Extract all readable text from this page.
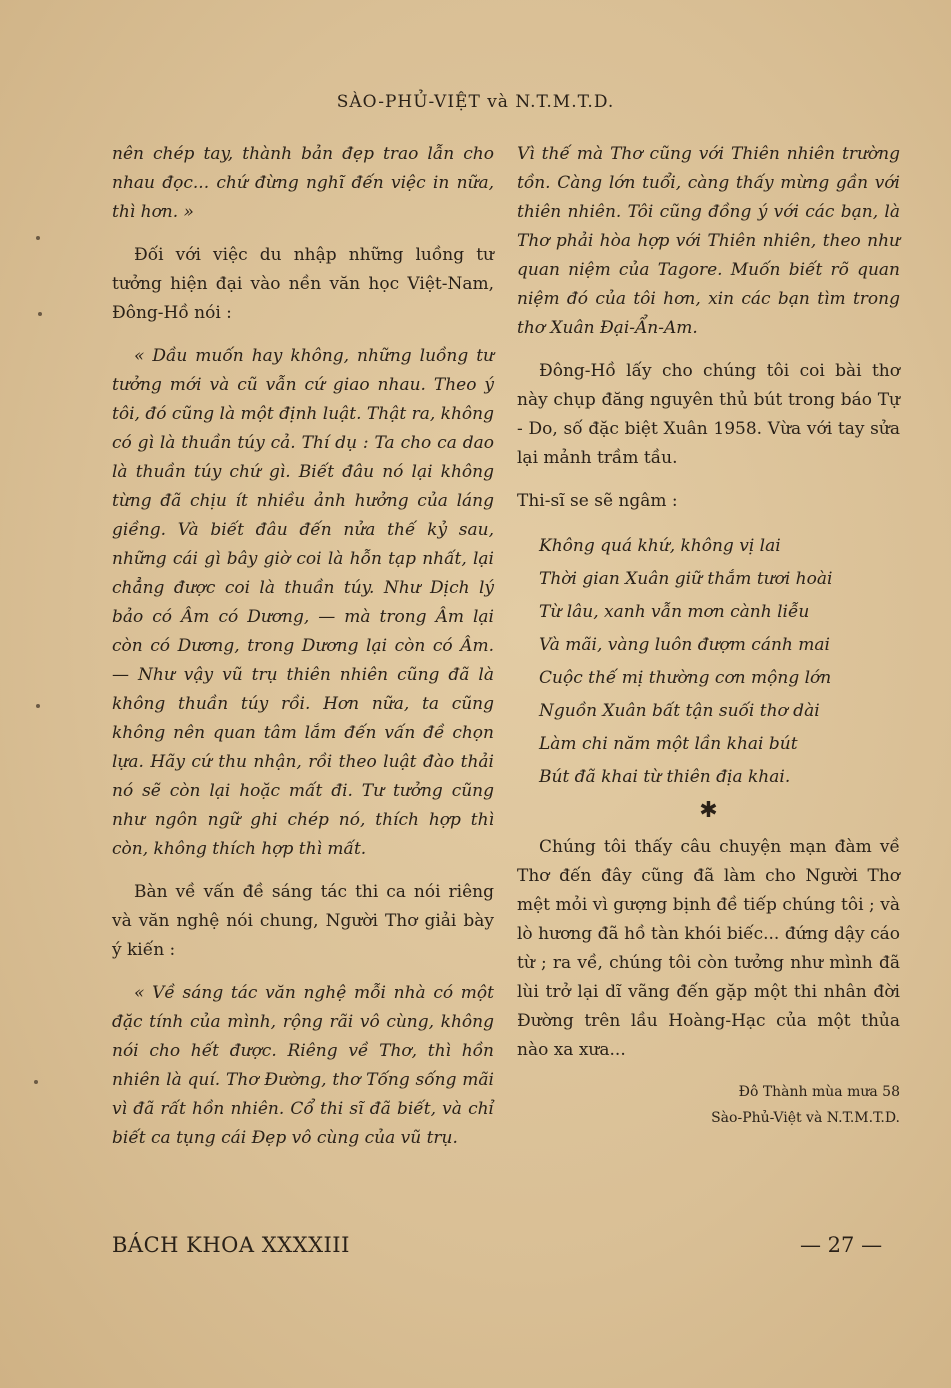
SÀO-PHỦ-VIỆT và N.T.M.T.D.

nên chép tay, thành bản đẹp trao lẫn cho nhau đọc... chứ đừng nghĩ đến việc in nữa, thì hơn. »

Đối với việc du nhập những luồng tư tưởng hiện đại vào nền văn học Việt-Nam, Đông-Hồ nói :

« Dầu muốn hay không, những luồng tư tưởng mới và cũ vẫn cứ giao nhau. Theo ý tôi, đó cũng là một định luật. Thật ra, không có gì là thuần túy cả. Thí dụ : Ta cho ca dao là thuần túy chứ gì. Biết đâu nó lại không từng đã chịu ít nhiều ảnh hưởng của láng giềng. Và biết đâu đến nửa thế kỷ sau, những cái gì bây giờ coi là hỗn tạp nhất, lại chẳng được coi là thuần túy. Như Dịch lý bảo có Âm có Dương, — mà trong Âm lại còn có Dương, trong Dương lại còn có Âm. — Như vậy vũ trụ thiên nhiên cũng đã là không thuần túy rồi. Hơn nữa, ta cũng không nên quan tâm lắm đến vấn đề chọn lựa. Hãy cứ thu nhận, rồi theo luật đào thải nó sẽ còn lại hoặc mất đi. Tư tưởng cũng như ngôn ngữ ghi chép nó, thích hợp thì còn, không thích hợp thì mất.

Bàn về vấn đề sáng tác thi ca nói riêng và văn nghệ nói chung, Người Thơ giải bày ý kiến :

« Về sáng tác văn nghệ mỗi nhà có một đặc tính của mình, rộng rãi vô cùng, không nói cho hết được. Riêng về Thơ, thì hồn nhiên là quí. Thơ Đường, thơ Tống sống mãi vì đã rất hồn nhiên. Cổ thi sĩ đã biết, và chỉ biết ca tụng cái Đẹp vô cùng của vũ trụ.

Vì thế mà Thơ cũng với Thiên nhiên trường tồn. Càng lớn tuổi, càng thấy mừng gần với thiên nhiên. Tôi cũng đồng ý với các bạn, là Thơ phải hòa hợp với Thiên nhiên, theo như quan niệm của Tagore. Muốn biết rõ quan niệm đó của tôi hơn, xin các bạn tìm trong thơ Xuân Đại-Ẩn-Am.

Đông-Hồ lấy cho chúng tôi coi bài thơ này chụp đăng nguyên thủ bút trong báo Tự - Do, số đặc biệt Xuân 1958. Vừa với tay sửa lại mảnh trầm tầu.

Thi-sĩ se sẽ ngâm :

Không quá khứ, không vị lai
Thời gian Xuân giữ thắm tươi hoài
Từ lâu, xanh vẫn mơn cành liễu
Và mãi, vàng luôn đượm cánh mai
Cuộc thế mị thường cơn mộng lớn
Nguồn Xuân bất tận suối thơ dài
Làm chi năm một lần khai bút
Bút đã khai từ thiên địa khai.
✱

Chúng tôi thấy câu chuyện mạn đàm về Thơ đến đây cũng đã làm cho Người Thơ mệt mỏi vì gượng bịnh đề tiếp chúng tôi ; và lò hương đã hồ tàn khói biếc... đứng dậy cáo từ ; ra về, chúng tôi còn tưởng như mình đã lùi trở lại dĩ vãng đến gặp một thi nhân đời Đường trên lầu Hoàng-Hạc của một thủa nào xa xưa...

Đô Thành mùa mưa 58
Sào-Phủ-Việt và N.T.M.T.D.
BÁCH KHOA XXXXIII	— 27 —
